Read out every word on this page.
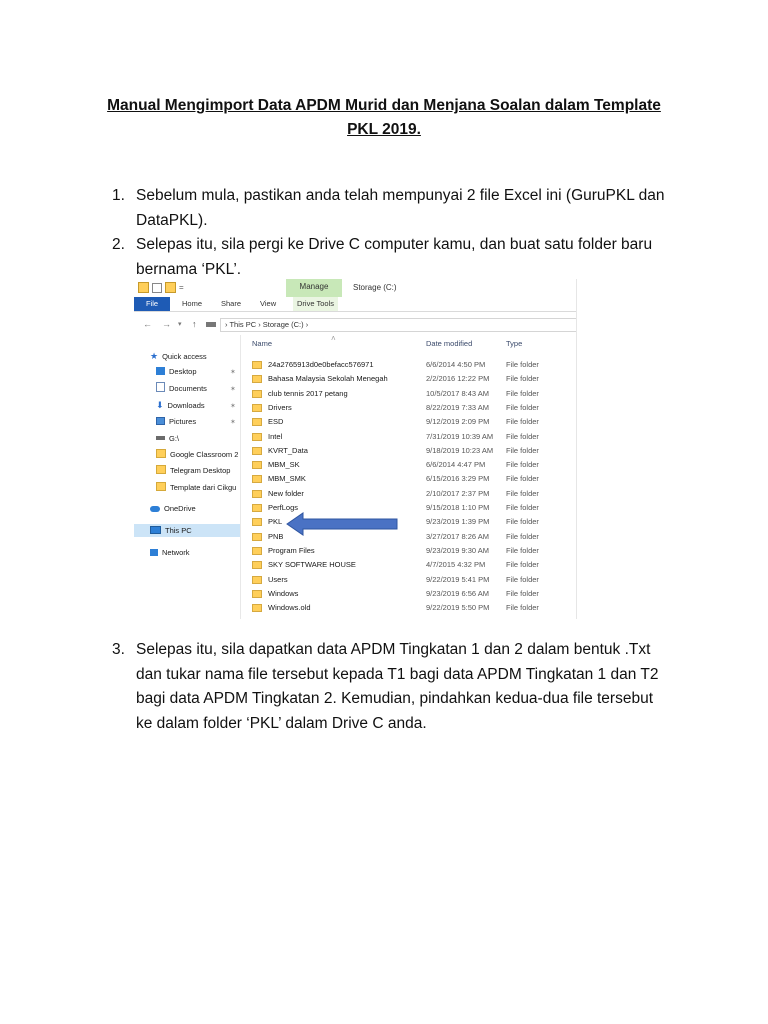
Manual Mengimport Data APDM Murid dan Menjana Soalan dalam Template
PKL 2019.
1. Sebelum mula, pastikan anda telah mempunyai 2 file Excel ini (GuruPKL dan
DataPKL).
2. Selepas itu, sila pergi ke Drive C computer kamu, dan buat satu folder baru
bernama ‘PKL’.
=	Manage	Storage (C:)
File	Home	Share	View	Drive Tools
← → ▾ ↑	› This PC › Storage (C:) ›
★ Quick access
Desktop	✶
Documents	✶
⬇ Downloads	✶
Pictures	✶
G:\
Google Classroom 2
Telegram Desktop
Template dari Cikgu
OneDrive
This PC
Network
˄
Name	Date modified	Type
24a2765913d0e0befacc576971	6/6/2014 4:50 PM	File folder
Bahasa Malaysia Sekolah Menegah	2/2/2016 12:22 PM File folder
club tennis 2017 petang	10/5/2017 8:43 AM File folder
Drivers	8/22/2019 7:33 AM File folder
ESD	9/12/2019 2:09 PM File folder
Intel	7/31/2019 10:39 AM File folder
KVRT_Data	9/18/2019 10:23 AM File folder
MBM_SK	6/6/2014 4:47 PM	File folder
MBM_SMK	6/15/2016 3:29 PM File folder
New folder	2/10/2017 2:37 PM File folder
PerfLogs	9/15/2018 1:10 PM File folder
PKL	9/23/2019 1:39 PM File folder
PNB	3/27/2017 8:26 AM File folder
Program Files	9/23/2019 9:30 AM File folder
SKY SOFTWARE HOUSE	4/7/2015 4:32 PM	File folder
Users	9/22/2019 5:41 PM File folder
Windows	9/23/2019 6:56 AM File folder
Windows.old	9/22/2019 5:50 PM File folder
3. Selepas itu, sila dapatkan data APDM Tingkatan 1 dan 2 dalam bentuk .Txt
dan tukar nama file tersebut kepada T1 bagi data APDM Tingkatan 1 dan T2
bagi data APDM Tingkatan 2. Kemudian, pindahkan kedua-dua file tersebut
ke dalam folder ‘PKL’ dalam Drive C anda.
